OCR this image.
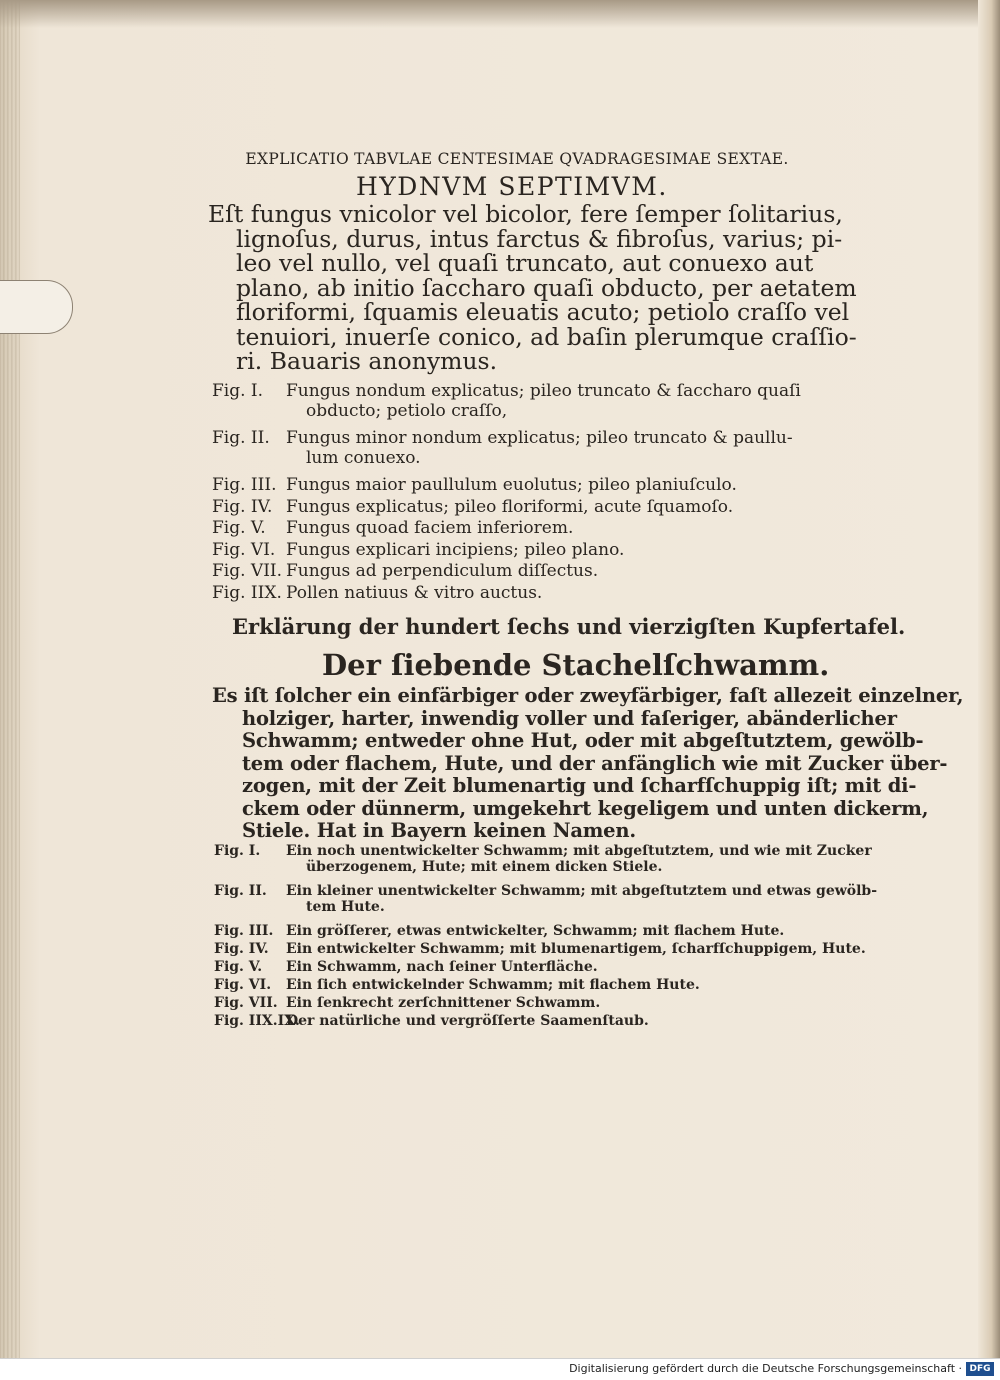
EXPLICATIO TABVLAE CENTESIMAE QVADRAGESIMAE SEXTAE.
HYDNVM SEPTIMVM.
Eſt fungus vnicolor vel bicolor, fere ſemper ſolitarius,
lignoſus, durus, intus farctus & fibroſus, varius; pi-
leo vel nullo, vel quaſi truncato, aut conuexo aut
plano, ab initio ſaccharo quaſi obducto, per aetatem
floriformi, ſquamis eleuatis acuto; petiolo craſſo vel
tenuiori, inuerſe conico, ad baſin plerumque craſſio-
ri. Bauaris anonymus.
Fig. I. Fungus nondum explicatus; pileo truncato & ſaccharo quaſi
obducto; petiolo craſſo,
Fig. II. Fungus minor nondum explicatus; pileo truncato & paullu-
lum conuexo.
Fig. III. Fungus maior paullulum euolutus; pileo planiuſculo.
Fig. IV. Fungus explicatus; pileo floriformi, acute ſquamoſo.
Fig. V. Fungus quoad faciem inferiorem.
Fig. VI. Fungus explicari incipiens; pileo plano.
Fig. VII. Fungus ad perpendiculum diſſectus.
Fig. IIX. Pollen natiuus & vitro auctus.
Erklärung der hundert ſechs und vierzigſten Kupfertafel.
Der ſiebende Stachelſchwamm.
Es iſt ſolcher ein einfärbiger oder zweyfärbiger, faſt allezeit einzelner,
holziger, harter, inwendig voller und faſeriger, abänderlicher
Schwamm; entweder ohne Hut, oder mit abgeſtutztem, gewölb-
tem oder flachem, Hute, und der anfänglich wie mit Zucker über-
zogen, mit der Zeit blumenartig und ſcharfſchuppig iſt; mit di-
ckem oder dünnerm, umgekehrt kegeligem und unten dickerm,
Stiele. Hat in Bayern keinen Namen.
Fig. I. Ein noch unentwickelter Schwamm; mit abgeſtutztem, und wie mit Zucker
überzogenem, Hute; mit einem dicken Stiele.
Fig. II. Ein kleiner unentwickelter Schwamm; mit abgeſtutztem und etwas gewölb-
tem Hute.
Fig. III. Ein gröſſerer, etwas entwickelter, Schwamm; mit flachem Hute.
Fig. IV. Ein entwickelter Schwamm; mit blumenartigem, ſcharfſchuppigem, Hute.
Fig. V. Ein Schwamm, nach ſeiner Unterfläche.
Fig. VI. Ein ſich entwickelnder Schwamm; mit flachem Hute.
Fig. VII. Ein ſenkrecht zerſchnittener Schwamm.
Fig. IIX.IX.
Der natürliche und vergröſſerte Saamenſtaub.
Digitalisierung gefördert durch die Deutsche Forschungsgemeinschaft · DFG
